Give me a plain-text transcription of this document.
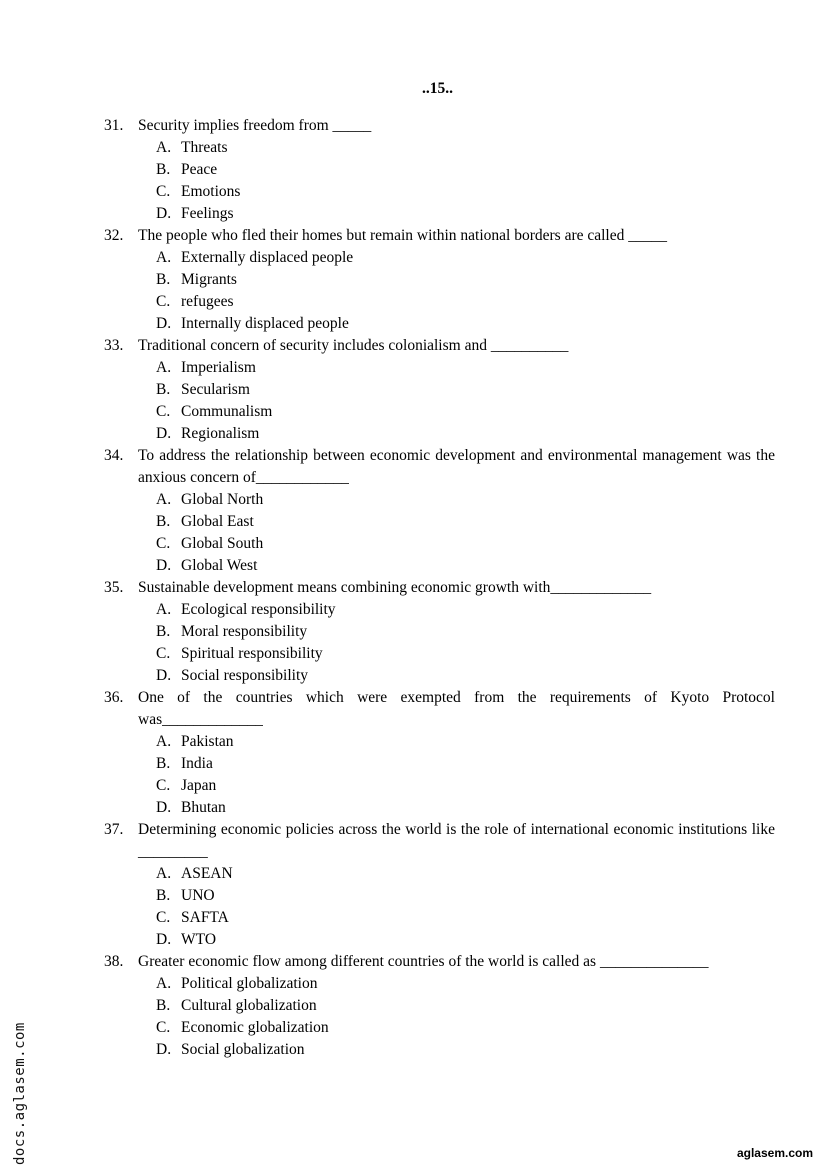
..15..
31. Security implies freedom from _____
A. Threats
B. Peace
C. Emotions
D. Feelings
32. The people who fled their homes but remain within national borders are called _____
A. Externally displaced people
B. Migrants
C. refugees
D. Internally displaced people
33. Traditional concern of security includes colonialism and __________
A. Imperialism
B. Secularism
C. Communalism
D. Regionalism
34. To address the relationship between economic development and environmental management was the anxious concern of____________
A. Global North
B. Global East
C. Global South
D. Global West
35. Sustainable development means combining economic growth with_____________
A. Ecological responsibility
B. Moral responsibility
C. Spiritual responsibility
D. Social responsibility
36. One of the countries which were exempted from the requirements of Kyoto Protocol was_____________
A. Pakistan
B. India
C. Japan
D. Bhutan
37. Determining economic policies across the world is the role of international economic institutions like _________
A. ASEAN
B. UNO
C. SAFTA
D. WTO
38. Greater economic flow among different countries of the world is called as ______________
A. Political globalization
B. Cultural globalization
C. Economic globalization
D. Social globalization
docs.aglasem.com	aglasem.com
